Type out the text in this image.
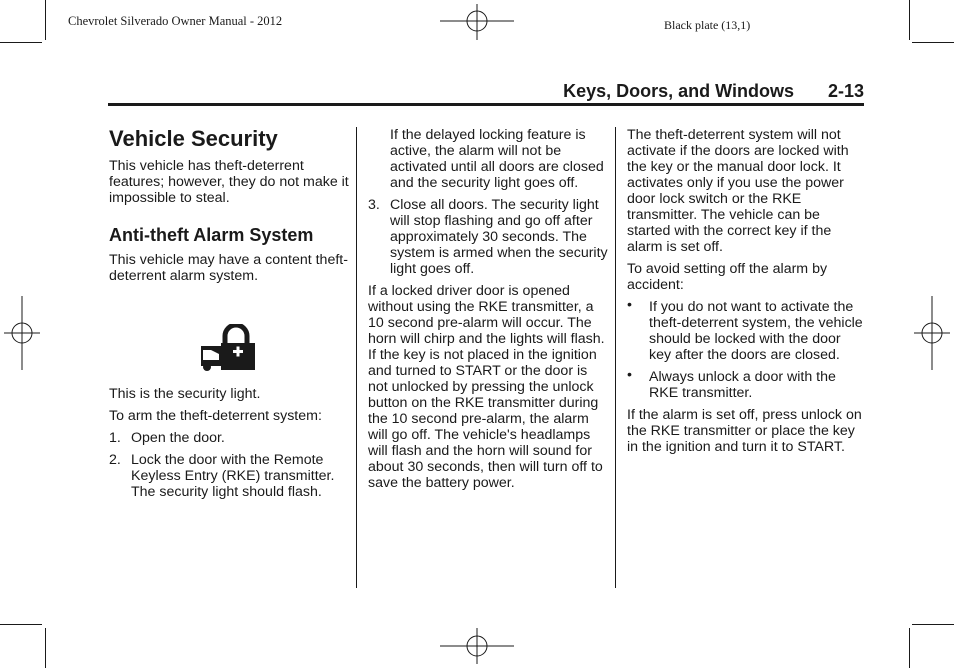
Chevrolet Silverado Owner Manual - 2012	Black plate (13,1)
Keys, Doors, and Windows 2-13
Vehicle Security

This vehicle has theft-deterrent features; however, they do not make it impossible to steal.

Anti-theft Alarm System

This vehicle may have a content theft-deterrent alarm system.

This is the security light.

To arm the theft-deterrent system:

1. Open the door.
2. Lock the door with the Remote Keyless Entry (RKE) transmitter. The security light should flash.

If the delayed locking feature is active, the alarm will not be activated until all doors are closed and the security light goes off.

3. Close all doors. The security light will stop flashing and go off after approximately 30 seconds. The system is armed when the security light goes off.

If a locked driver door is opened without using the RKE transmitter, a 10 second pre-alarm will occur. The horn will chirp and the lights will flash. If the key is not placed in the ignition and turned to START or the door is not unlocked by pressing the unlock button on the RKE transmitter during the 10 second pre-alarm, the alarm will go off. The vehicle's headlamps will flash and the horn will sound for about 30 seconds, then will turn off to save the battery power.

The theft-deterrent system will not activate if the doors are locked with the key or the manual door lock. It activates only if you use the power door lock switch or the RKE transmitter. The vehicle can be started with the correct key if the alarm is set off.

To avoid setting off the alarm by accident:

• If you do not want to activate the theft-deterrent system, the vehicle should be locked with the door key after the doors are closed.
• Always unlock a door with the RKE transmitter.

If the alarm is set off, press unlock on the RKE transmitter or place the key in the ignition and turn it to START.
